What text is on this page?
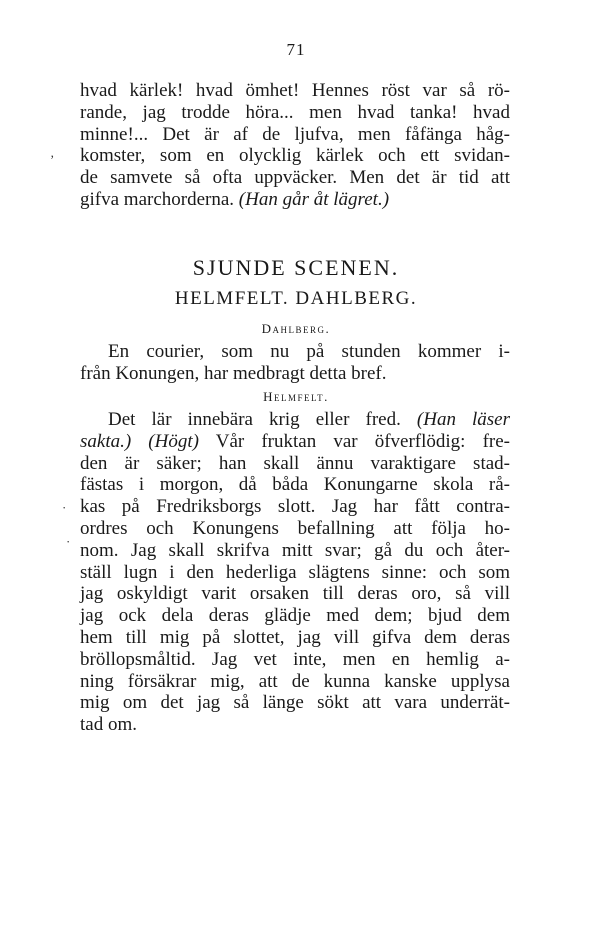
71
’
·
·
hvad kärlek! hvad ömhet! Hennes röst var så rö-
rande, jag trodde höra... men hvad tanka! hvad
minne!... Det är af de ljufva, men fåfänga håg-
komster, som en olycklig kärlek och ett svidan-
de samvete så ofta uppväcker. Men det är tid att
gifva marchorderna. (Han går åt lägret.)
SJUNDE SCENEN.
HELMFELT. DAHLBERG.
Dahlberg.
En courier, som nu på stunden kommer i-
från Konungen, har medbragt detta bref.
Helmfelt.
Det lär innebära krig eller fred. (Han läser
sakta.) (Högt) Vår fruktan var öfverflödig: fre-
den är säker; han skall ännu varaktigare stad-
fästas i morgon, då båda Konungarne skola rå-
kas på Fredriksborgs slott. Jag har fått contra-
ordres och Konungens befallning att följa ho-
nom. Jag skall skrifva mitt svar; gå du och åter-
ställ lugn i den hederliga slägtens sinne: och som
jag oskyldigt varit orsaken till deras oro, så vill
jag ock dela deras glädje med dem; bjud dem
hem till mig på slottet, jag vill gifva dem deras
bröllopsmåltid. Jag vet inte, men en hemlig a-
ning försäkrar mig, att de kunna kanske upplysa
mig om det jag så länge sökt att vara underrät-
tad om.
